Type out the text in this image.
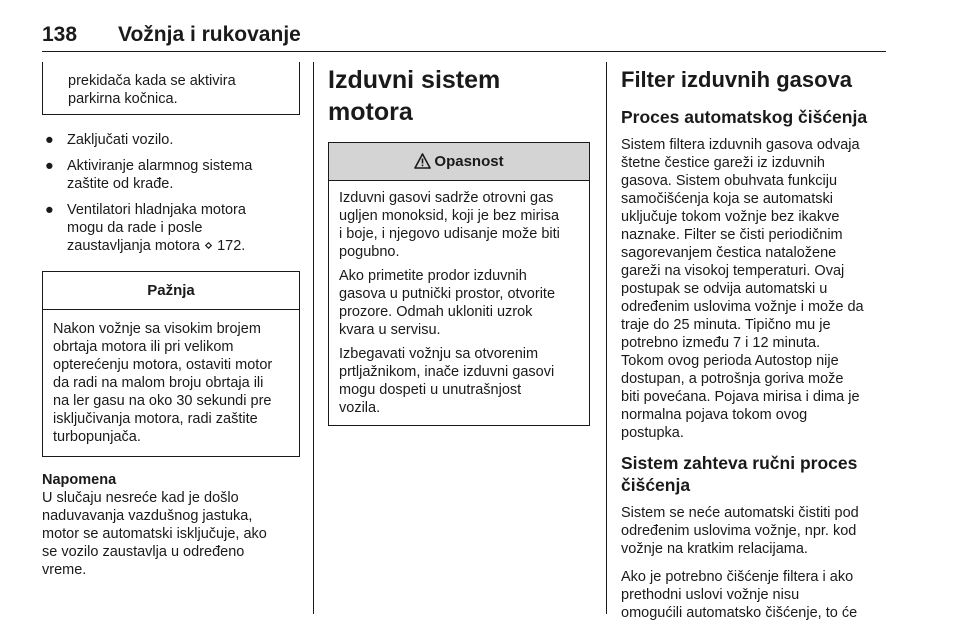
138 Vožnja i rukovanje
prekidača kada se aktivira
parkirna kočnica.
● Zaključati vozilo.
● Aktiviranje alarmnog sistema
zaštite od krađe.
● Ventilatori hladnjaka motora
mogu da rade i posle
zaustavljanja motora ⋄ 172.
Pažnja
Nakon vožnje sa visokim brojem
obrtaja motora ili pri velikom
opterećenju motora, ostaviti motor
da radi na malom broju obrtaja ili
na ler gasu na oko 30 sekundi pre
isključivanja motora, radi zaštite
turbopunjača.
Napomena
U slučaju nesreće kad je došlo
naduvavanja vazdušnog jastuka,
motor se automatski isključuje, ako
se vozilo zaustavlja u određeno
vreme.
Izduvni sistem motora
Opasnost

Izduvni gasovi sadrže otrovni gas
ugljen monoksid, koji je bez mirisa
i boje, i njegovo udisanje može biti
pogubno.

Ako primetite prodor izduvnih
gasova u putnički prostor, otvorite
prozore. Odmah ukloniti uzrok
kvara u servisu.

Izbegavati vožnju sa otvorenim
prtljažnikom, inače izduvni gasovi
mogu dospeti u unutrašnjost
vozila.

Filter izduvnih gasova
Proces automatskog čišćenja
Sistem filtera izduvnih gasova odvaja
štetne čestice gareži iz izduvnih
gasova. Sistem obuhvata funkciju
samočišćenja koja se automatski
uključuje tokom vožnje bez ikakve
naznake. Filter se čisti periodičnim
sagorevanjem čestica nataložene
gareži na visokoj temperaturi. Ovaj
postupak se odvija automatski u
određenim uslovima vožnje i može da
traje do 25 minuta. Tipično mu je
potrebno između 7 i 12 minuta.
Tokom ovog perioda Autostop nije
dostupan, a potrošnja goriva može
biti povećana. Pojava mirisa i dima je
normalna pojava tokom ovog
postupka.
Sistem zahteva ručni proces
čišćenja
Sistem se neće automatski čistiti pod
određenim uslovima vožnje, npr. kod
vožnje na kratkim relacijama.
Ako je potrebno čišćenje filtera i ako
prethodni uslovi vožnje nisu
omogućili automatsko čišćenje, to će
